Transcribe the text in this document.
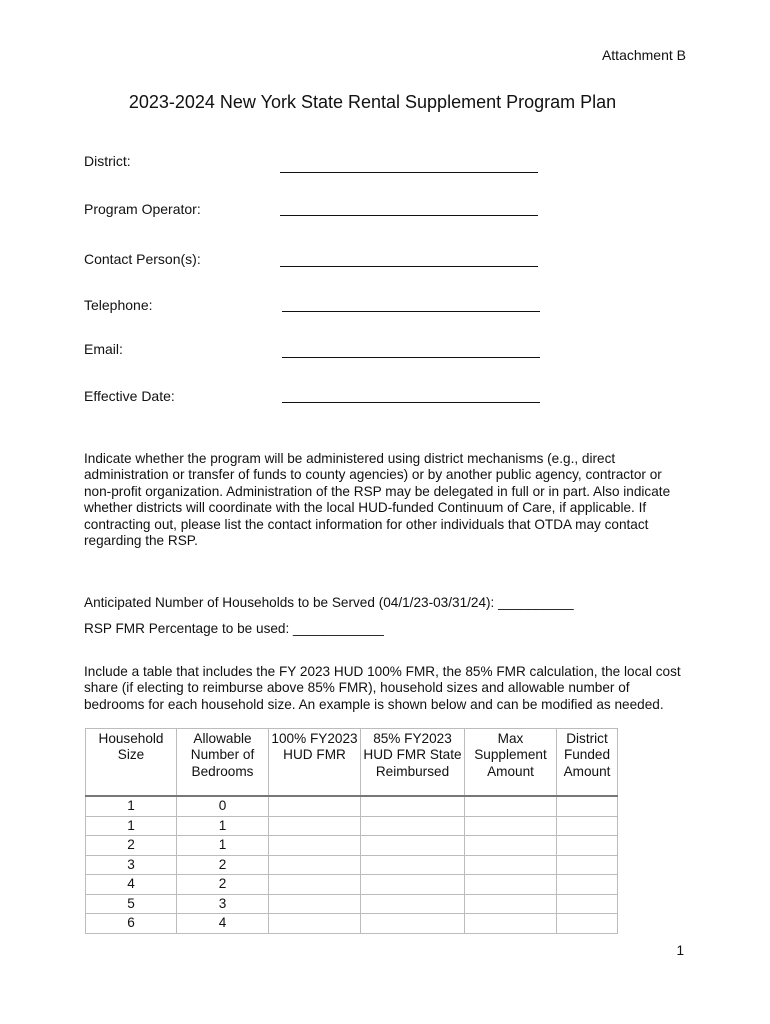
Attachment B
2023-2024 New York State Rental Supplement Program Plan
District:
Program Operator:
Contact Person(s):
Telephone:
Email:
Effective Date:
Indicate whether the program will be administered using district mechanisms (e.g., direct administration or transfer of funds to county agencies) or by another public agency, contractor or non-profit organization. Administration of the RSP may be delegated in full or in part. Also indicate whether districts will coordinate with the local HUD-funded Continuum of Care, if applicable. If contracting out, please list the contact information for other individuals that OTDA may contact regarding the RSP.
Anticipated Number of Households to be Served (04/1/23-03/31/24): __________
RSP FMR Percentage to be used: ____________
Include a table that includes the FY 2023 HUD 100% FMR, the 85% FMR calculation, the local cost share (if electing to reimburse above 85% FMR), household sizes and allowable number of bedrooms for each household size. An example is shown below and can be modified as needed.
Household Size	Allowable Number of Bedrooms	100% FY2023 HUD FMR	85% FY2023 HUD FMR State Reimbursed	Max Supplement Amount	District Funded Amount
1	0				
1	1				
2	1				
3	2				
4	2				
5	3				
6	4				
1
